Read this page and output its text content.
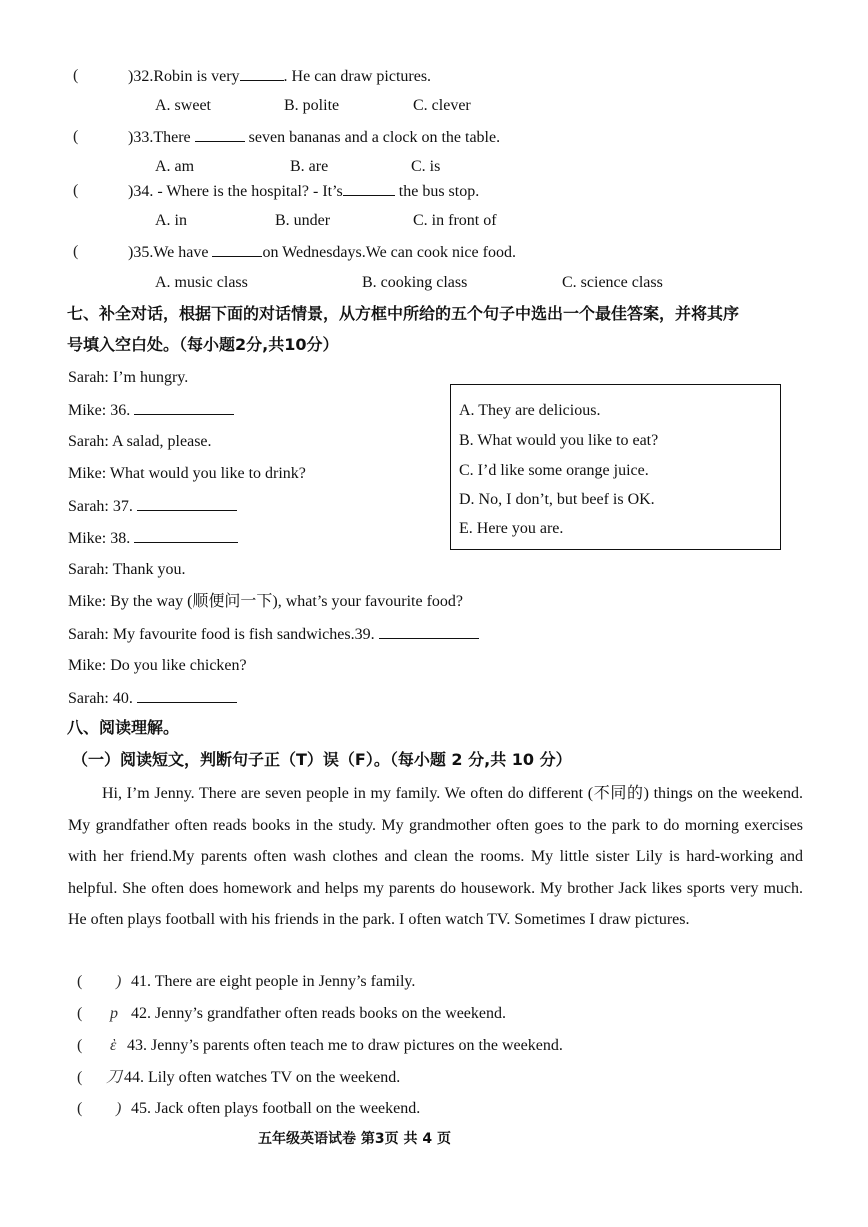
(	)32.Robin is very	. He can draw pictures.
A. sweet	B. polite	C. clever
(	)33.There	seven bananas and a clock on the table.
A. am	B. are	C. is
(	)34. - Where is the hospital? - It’s	the bus stop.
A. in	B. under	C. in front of
(	)35.We have	on Wednesdays.We can cook nice food.
A. music class	B. cooking class	C. science class
七、补全对话，根据下面的对话情景，从方框中所给的五个句子中选出一个最佳答案，并将其序
号填入空白处。（每小题2分,共10分）
Sarah: I’m hungry.
Mike: 36.
Sarah: A salad, please.
Mike: What would you like to drink?
Sarah: 37.
Mike: 38.
Sarah: Thank you.
Mike: By the way (顺便问一下), what’s your favourite food?
Sarah: My favourite food is fish sandwiches.39.
Mike: Do you like chicken?
Sarah: 40.
A. They are delicious.
B. What would you like to eat?
C. I’d like some orange juice.
D. No, I don’t, but beef is OK.
E. Here you are.
八、阅读理解。
（一）阅读短文，判断句子正（T）误（F）。（每小题 2 分,共 10 分）
Hi, I’m Jenny. There are seven people in my family. We often do different (不同的) things on the weekend. My grandfather often reads books in the study. My grandmother often goes to the park to do morning exercises with her friend.My parents often wash clothes and clean the rooms. My little sister Lily is hard-working and helpful. She often does homework and helps my parents do housework. My brother Jack likes sports very much. He often plays football with his friends in the park. I often watch TV. Sometimes I draw pictures.
( ) 41. There are eight people in Jenny’s family.
( p 42. Jenny’s grandfather often reads books on the weekend.
( ὲ 43. Jenny’s parents often teach me to draw pictures on the weekend.
( 刀 44. Lily often watches TV on the weekend.
( ) 45. Jack often plays football on the weekend.
五年级英语试卷 第3页 共 4 页
